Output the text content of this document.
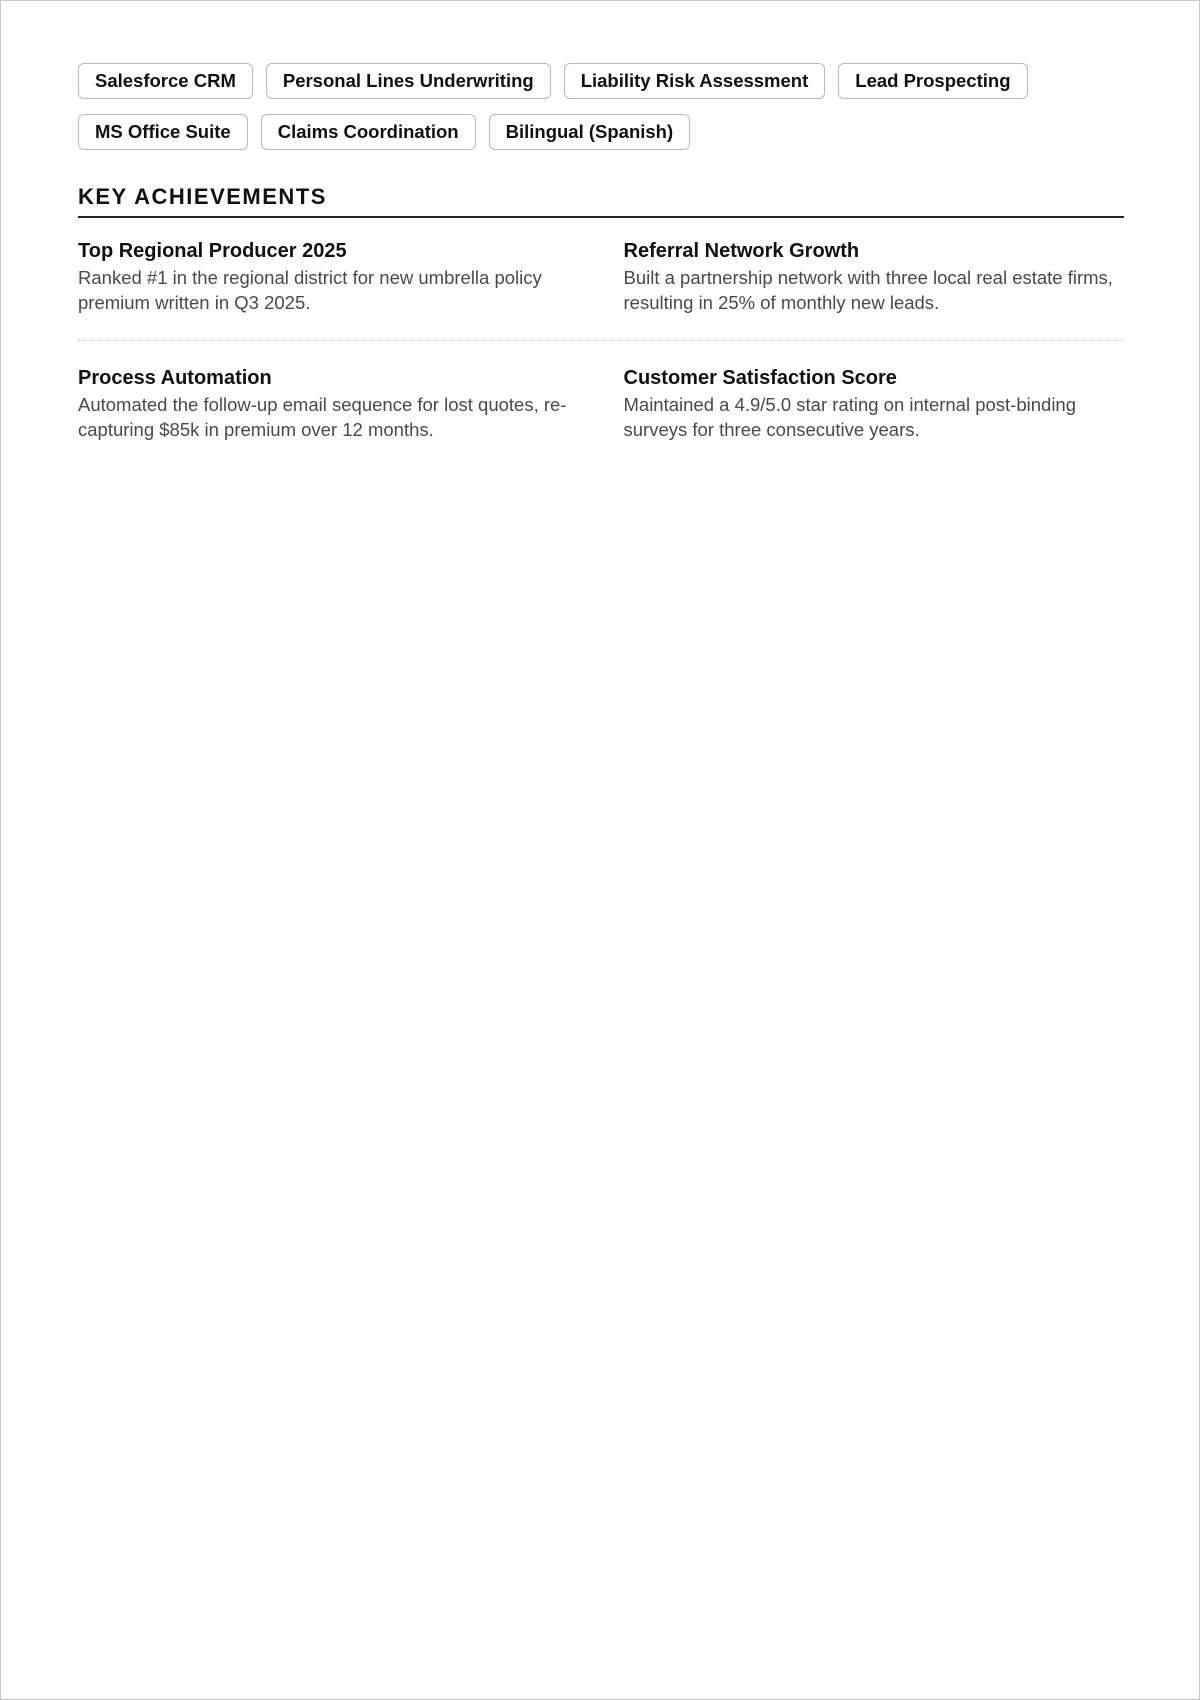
Salesforce CRM	Personal Lines Underwriting	Liability Risk Assessment	Lead Prospecting
MS Office Suite	Claims Coordination	Bilingual (Spanish)
KEY ACHIEVEMENTS
Top Regional Producer 2025
Ranked #1 in the regional district for new umbrella policy premium written in Q3 2025.
Referral Network Growth
Built a partnership network with three local real estate firms, resulting in 25% of monthly new leads.
Process Automation
Automated the follow-up email sequence for lost quotes, re-capturing $85k in premium over 12 months.
Customer Satisfaction Score
Maintained a 4.9/5.0 star rating on internal post-binding surveys for three consecutive years.
